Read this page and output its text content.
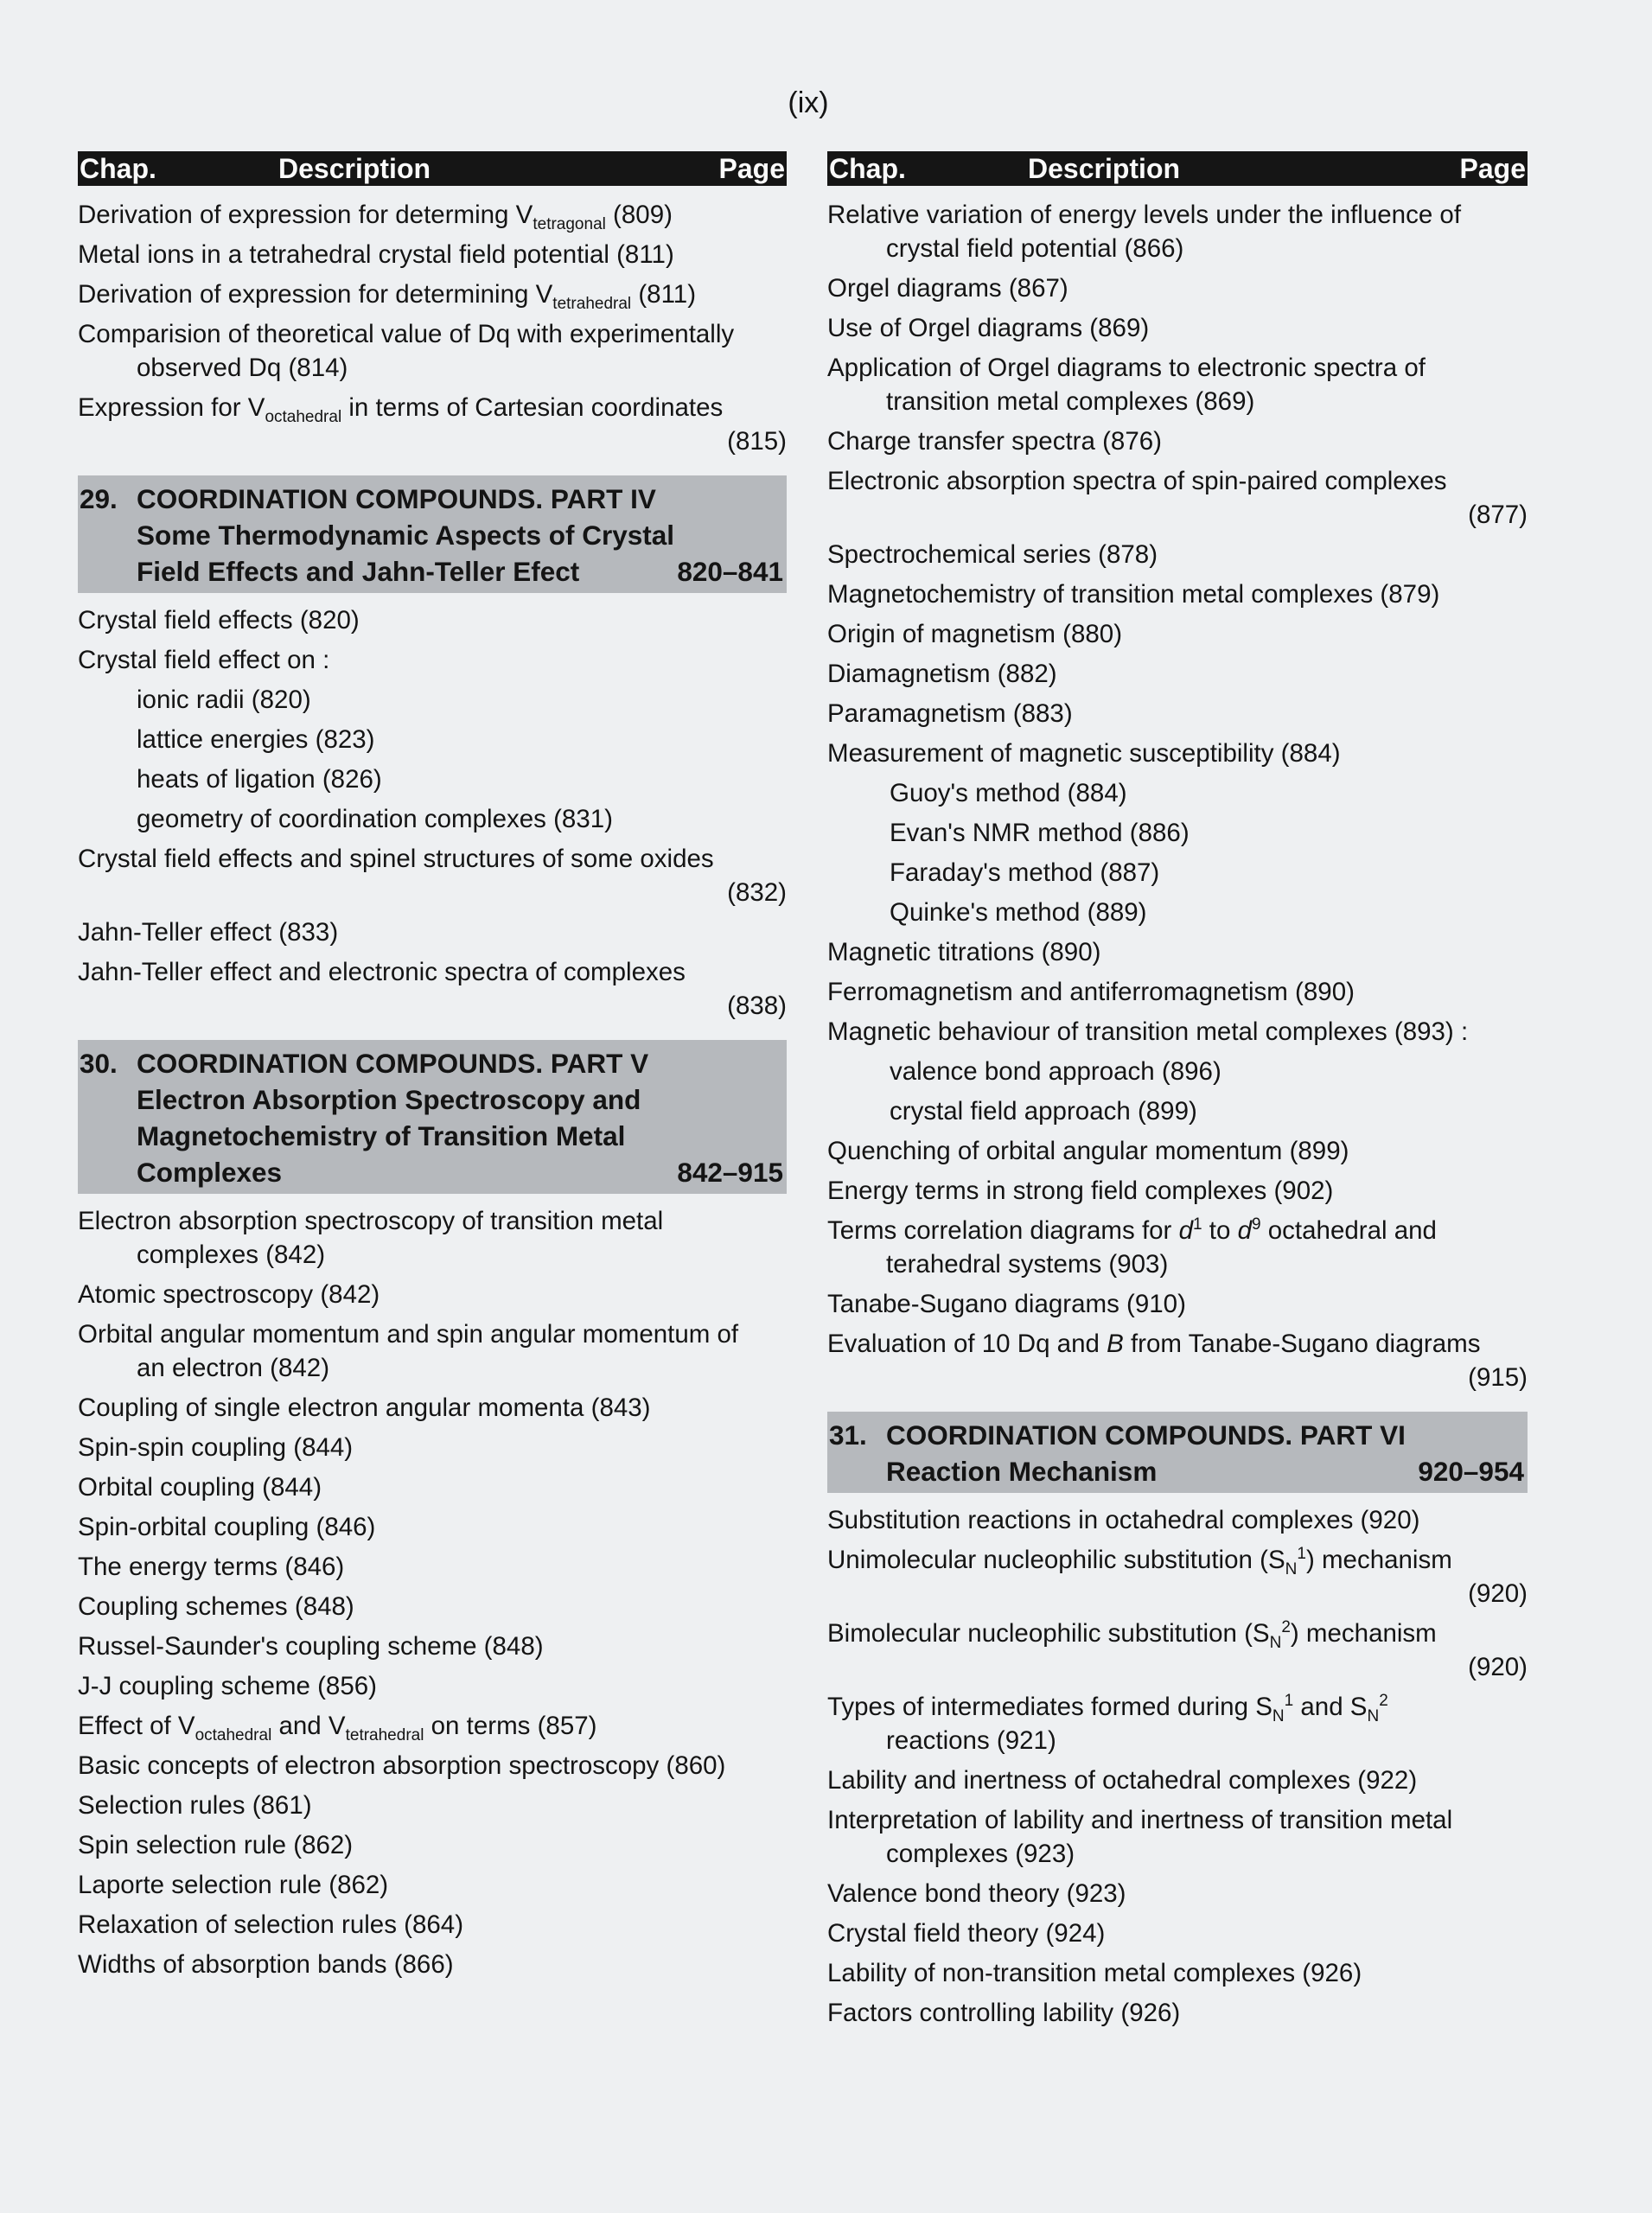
(ix)
Chap.	Description	Page
Derivation of expression for determing $V_{tetragonal}$ (809)
Metal ions in a tetrahedral crystal field potential (811)
Derivation of expression for determining $V_{tetrahedral}$ (811)
Comparision of theoretical value of Dq with experimentally
observed Dq (814)
Expression for $V_{octahedral}$ in terms of Cartesian coordinates
(815)
29. COORDINATION COMPOUNDS. PART IV
Some Thermodynamic Aspects of Crystal
Field Effects and Jahn-Teller Efect	820–841
Crystal field effects (820)
Crystal field effect on :
ionic radii (820)
lattice energies (823)
heats of ligation (826)
geometry of coordination complexes (831)
Crystal field effects and spinel structures of some oxides
(832)
Jahn-Teller effect (833)
Jahn-Teller effect and electronic spectra of complexes
(838)
30. COORDINATION COMPOUNDS. PART V
Electron Absorption Spectroscopy and
Magnetochemistry of Transition Metal
Complexes	842–915
Electron absorption spectroscopy of transition metal
complexes (842)
Atomic spectroscopy (842)
Orbital angular momentum and spin angular momentum of
an electron (842)
Coupling of single electron angular momenta (843)
Spin-spin coupling (844)
Orbital coupling (844)
Spin-orbital coupling (846)
The energy terms (846)
Coupling schemes (848)
Russel-Saunder's coupling scheme (848)
J-J coupling scheme (856)
Effect of $V_{octahedral}$ and $V_{tetrahedral}$ on terms (857)
Basic concepts of electron absorption spectroscopy (860)
Selection rules (861)
Spin selection rule (862)
Laporte selection rule (862)
Relaxation of selection rules (864)
Widths of absorption bands (866)
Chap.	Description	Page
Relative variation of energy levels under the influence of
crystal field potential (866)
Orgel diagrams (867)
Use of Orgel diagrams (869)
Application of Orgel diagrams to electronic spectra of
transition metal complexes (869)
Charge transfer spectra (876)
Electronic absorption spectra of spin-paired complexes
(877)
Spectrochemical series (878)
Magnetochemistry of transition metal complexes (879)
Origin of magnetism (880)
Diamagnetism (882)
Paramagnetism (883)
Measurement of magnetic susceptibility (884)
Guoy's method (884)
Evan's NMR method (886)
Faraday's method (887)
Quinke's method (889)
Magnetic titrations (890)
Ferromagnetism and antiferromagnetism (890)
Magnetic behaviour of transition metal complexes (893) :
valence bond approach (896)
crystal field approach (899)
Quenching of orbital angular momentum (899)
Energy terms in strong field complexes (902)
Terms correlation diagrams for $d^1$ to $d^9$ octahedral and
terahedral systems (903)
Tanabe-Sugano diagrams (910)
Evaluation of 10 Dq and B from Tanabe-Sugano diagrams
(915)
31. COORDINATION COMPOUNDS. PART VI
Reaction Mechanism	920–954
Substitution reactions in octahedral complexes (920)
Unimolecular nucleophilic substitution $(S_N^1)$ mechanism
(920)
Bimolecular nucleophilic substitution $(S_N^2)$ mechanism
(920)
Types of intermediates formed during $S_N^1$ and $S_N^2$
reactions (921)
Lability and inertness of octahedral complexes (922)
Interpretation of lability and inertness of transition metal
complexes (923)
Valence bond theory (923)
Crystal field theory (924)
Lability of non-transition metal complexes (926)
Factors controlling lability (926)
